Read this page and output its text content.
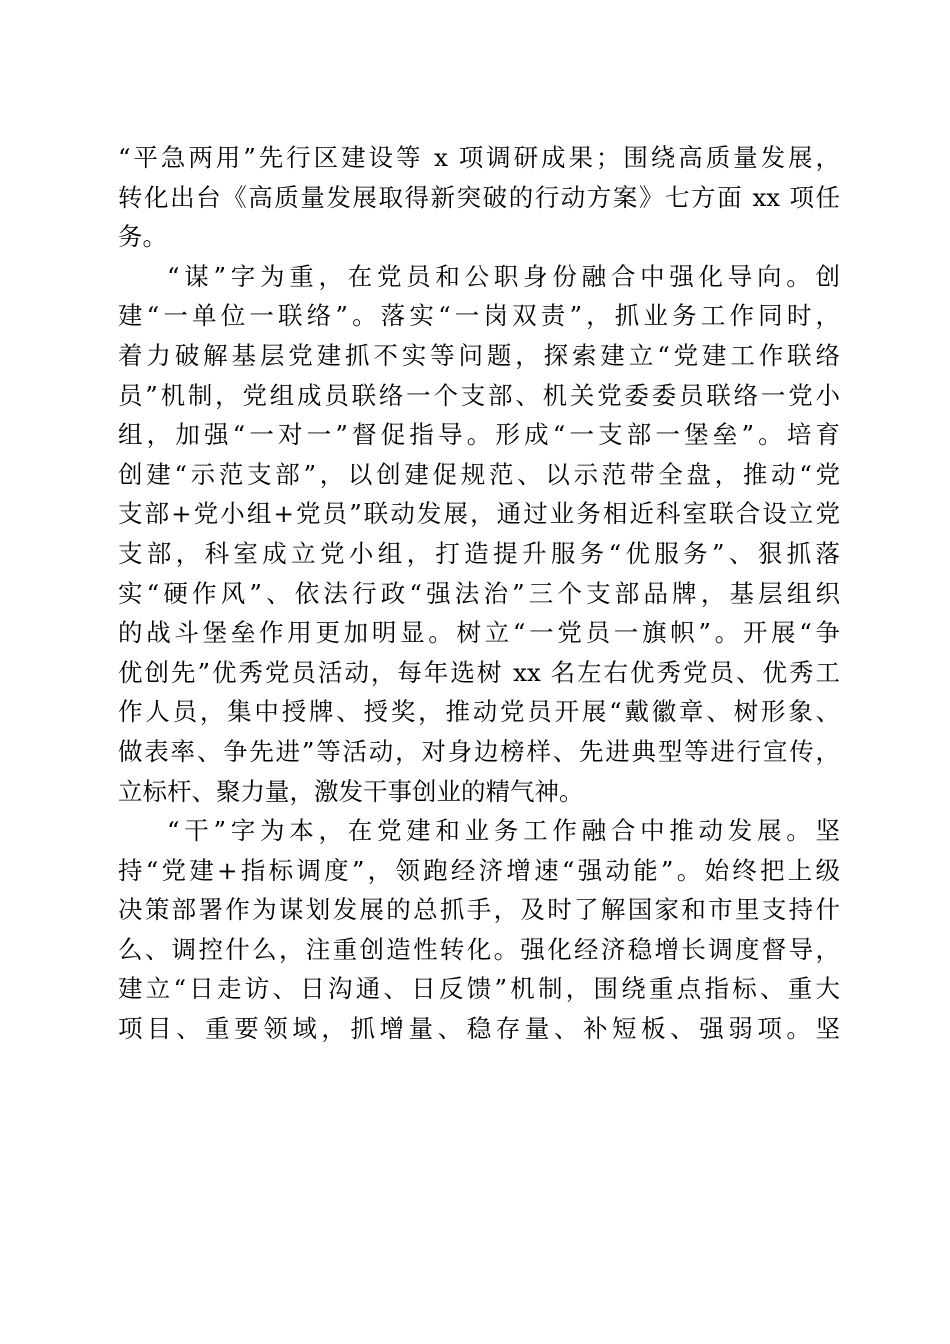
“平急两用”先行区建设等 x 项调研成果；围绕高质量发展，
转化出台《高质量发展取得新突破的行动方案》七方面 xx 项任
务。
“谋”字为重，在党员和公职身份融合中强化导向。创
建“一单位一联络”。落实“一岗双责”，抓业务工作同时，
着力破解基层党建抓不实等问题，探索建立“党建工作联络
员”机制，党组成员联络一个支部、机关党委委员联络一党小
组，加强“一对一”督促指导。形成“一支部一堡垒”。培育
创建“示范支部”，以创建促规范、以示范带全盘，推动“党
支部+党小组+党员”联动发展，通过业务相近科室联合设立党
支部，科室成立党小组，打造提升服务“优服务”、狠抓落
实“硬作风”、依法行政“强法治”三个支部品牌，基层组织
的战斗堡垒作用更加明显。树立“一党员一旗帜”。开展“争
优创先”优秀党员活动，每年选树 xx 名左右优秀党员、优秀工
作人员，集中授牌、授奖，推动党员开展“戴徽章、树形象、
做表率、争先进”等活动，对身边榜样、先进典型等进行宣传，
立标杆、聚力量，激发干事创业的精气神。
“干”字为本，在党建和业务工作融合中推动发展。坚
持“党建+指标调度”，领跑经济增速“强动能”。始终把上级
决策部署作为谋划发展的总抓手，及时了解国家和市里支持什
么、调控什么，注重创造性转化。强化经济稳增长调度督导，
建立“日走访、日沟通、日反馈”机制，围绕重点指标、重大
项目、重要领域，抓增量、稳存量、补短板、强弱项。坚
